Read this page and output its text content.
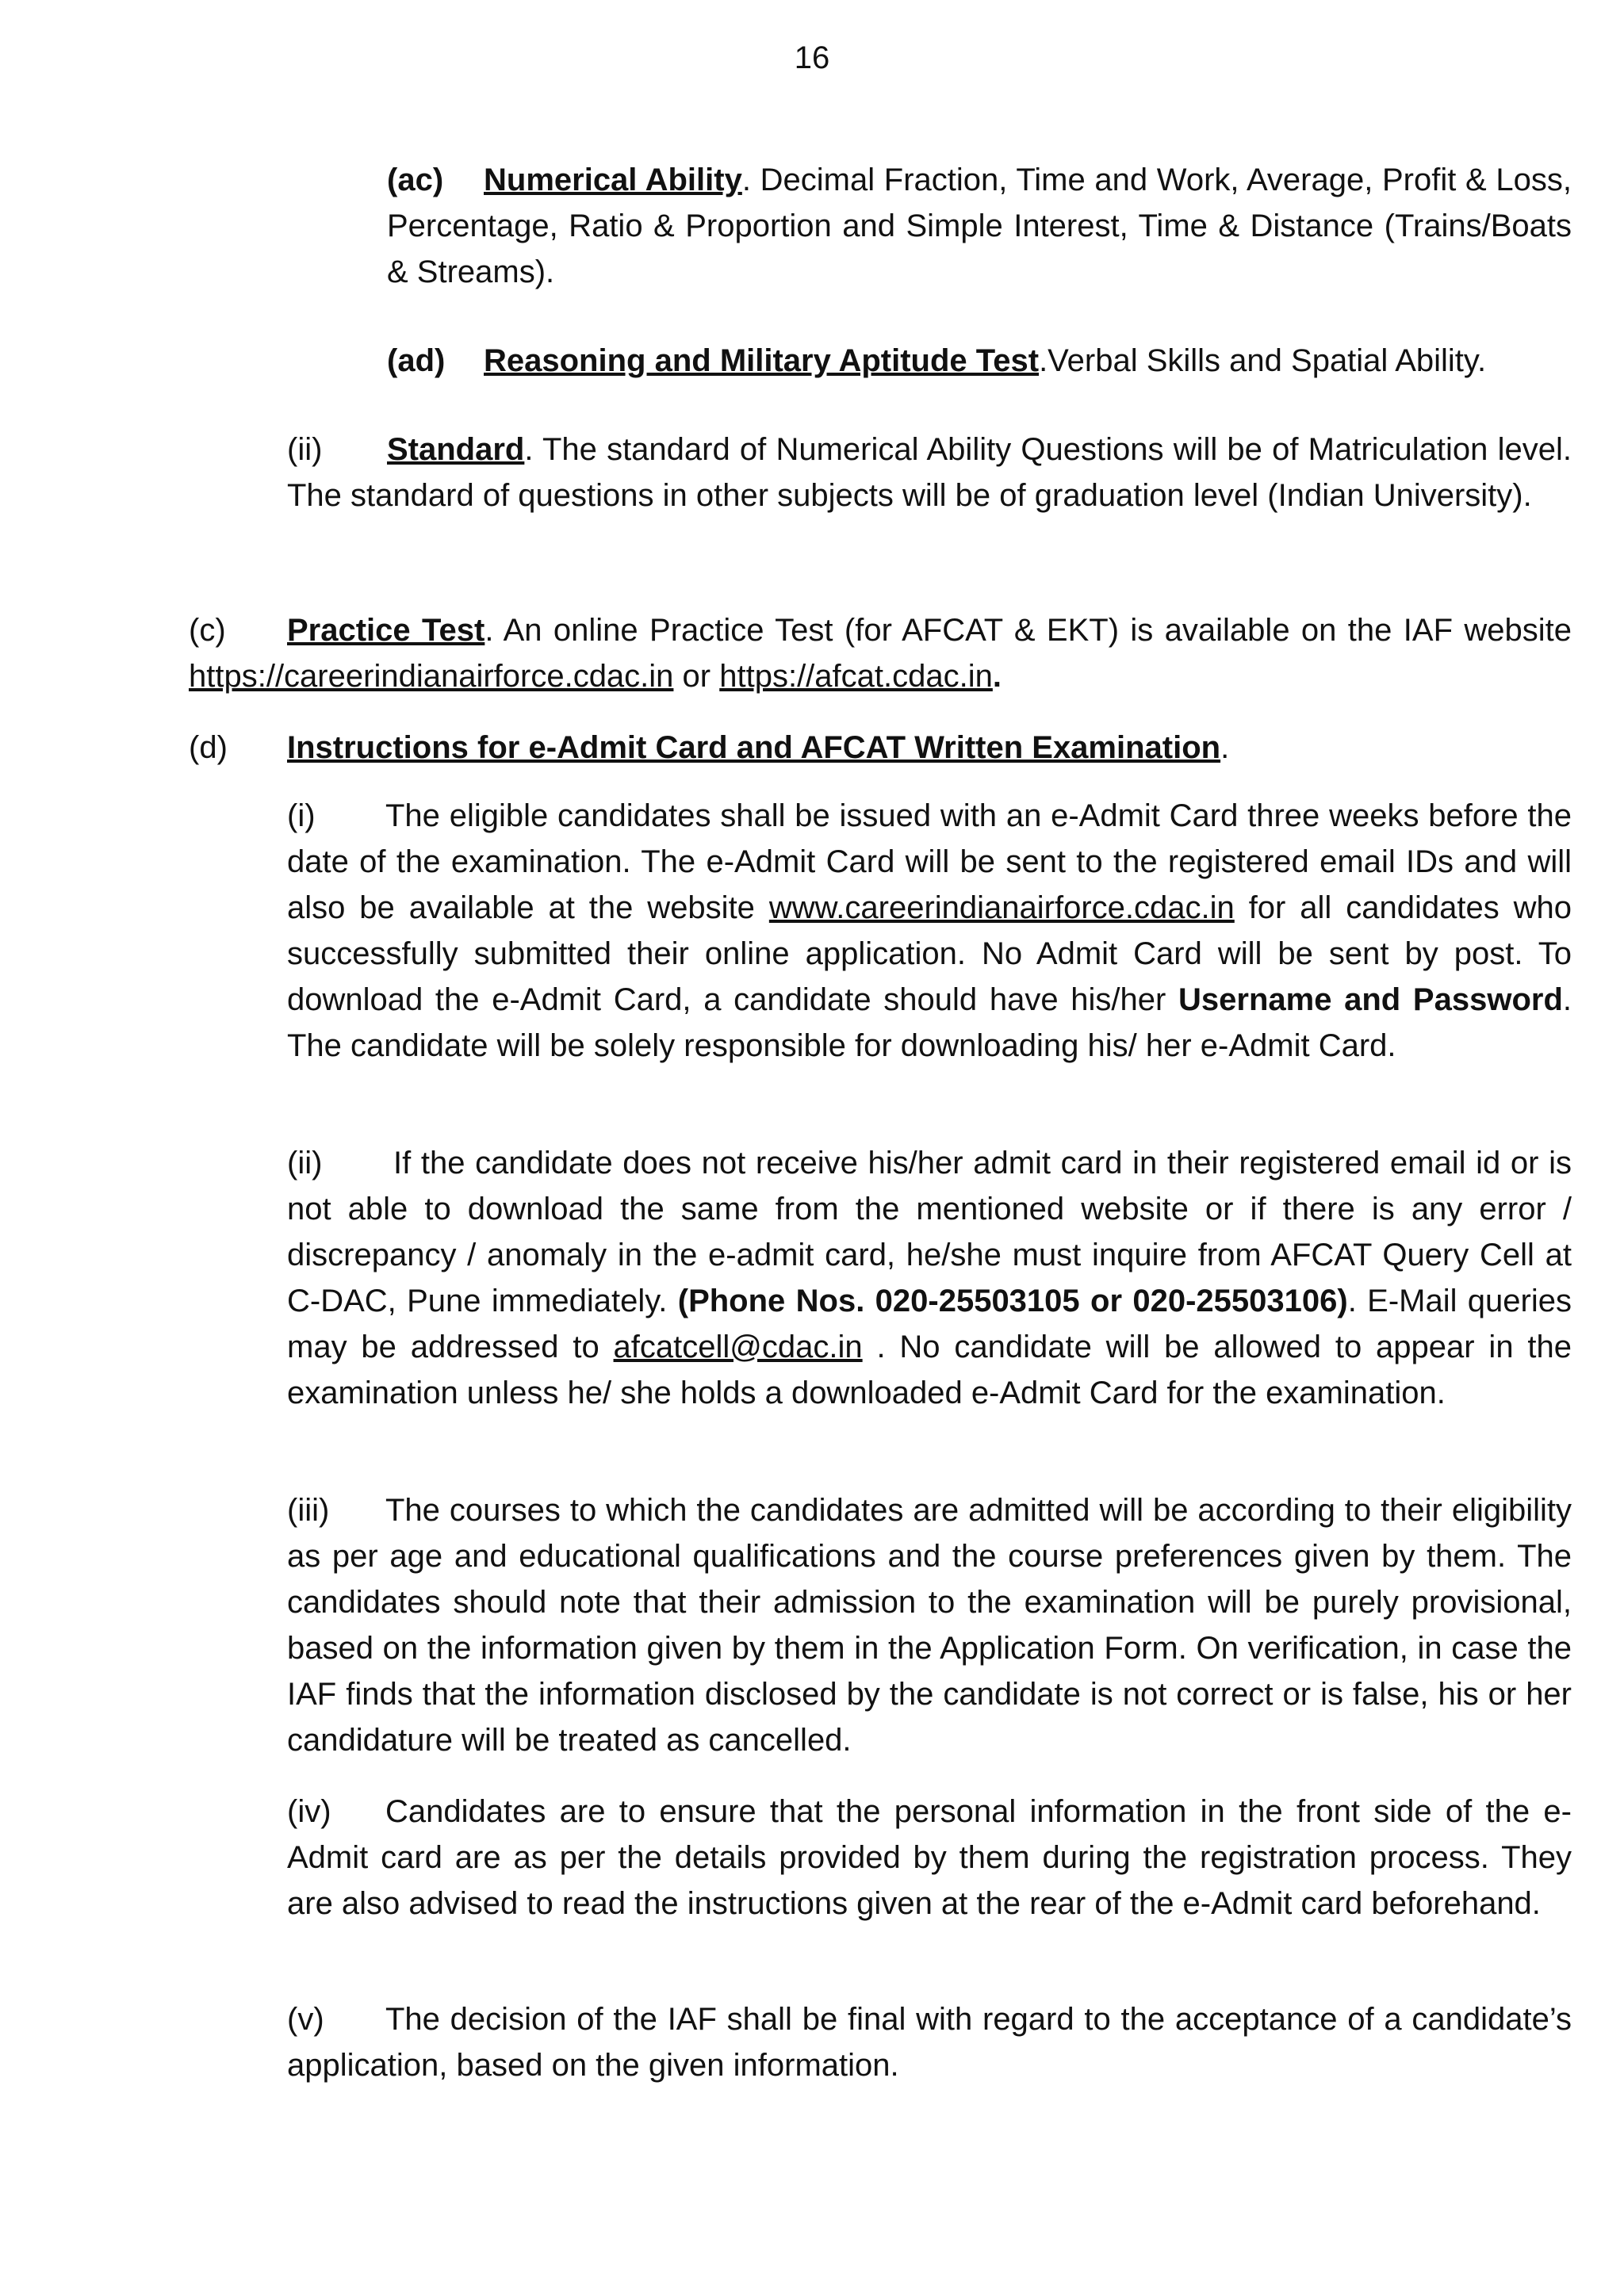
16
(ac) Numerical Ability. Decimal Fraction, Time and Work, Average, Profit & Loss, Percentage, Ratio & Proportion and Simple Interest, Time & Distance (Trains/Boats & Streams).
(ad) Reasoning and Military Aptitude Test.Verbal Skills and Spatial Ability.
(ii) Standard. The standard of Numerical Ability Questions will be of Matriculation level. The standard of questions in other subjects will be of graduation level (Indian University).
(c) Practice Test. An online Practice Test (for AFCAT & EKT) is available on the IAF website https://careerindianairforce.cdac.in or https://afcat.cdac.in.
(d) Instructions for e-Admit Card and AFCAT Written Examination.
(i) The eligible candidates shall be issued with an e-Admit Card three weeks before the date of the examination. The e-Admit Card will be sent to the registered email IDs and will also be available at the website www.careerindianairforce.cdac.in for all candidates who successfully submitted their online application. No Admit Card will be sent by post. To download the e-Admit Card, a candidate should have his/her Username and Password. The candidate will be solely responsible for downloading his/ her e-Admit Card.
(ii) If the candidate does not receive his/her admit card in their registered email id or is not able to download the same from the mentioned website or if there is any error / discrepancy / anomaly in the e-admit card, he/she must inquire from AFCAT Query Cell at C-DAC, Pune immediately. (Phone Nos. 020-25503105 or 020-25503106). E-Mail queries may be addressed to afcatcell@cdac.in . No candidate will be allowed to appear in the examination unless he/ she holds a downloaded e-Admit Card for the examination.
(iii) The courses to which the candidates are admitted will be according to their eligibility as per age and educational qualifications and the course preferences given by them. The candidates should note that their admission to the examination will be purely provisional, based on the information given by them in the Application Form. On verification, in case the IAF finds that the information disclosed by the candidate is not correct or is false, his or her candidature will be treated as cancelled.
(iv) Candidates are to ensure that the personal information in the front side of the e-Admit card are as per the details provided by them during the registration process. They are also advised to read the instructions given at the rear of the e-Admit card beforehand.
(v) The decision of the IAF shall be final with regard to the acceptance of a candidate’s application, based on the given information.
